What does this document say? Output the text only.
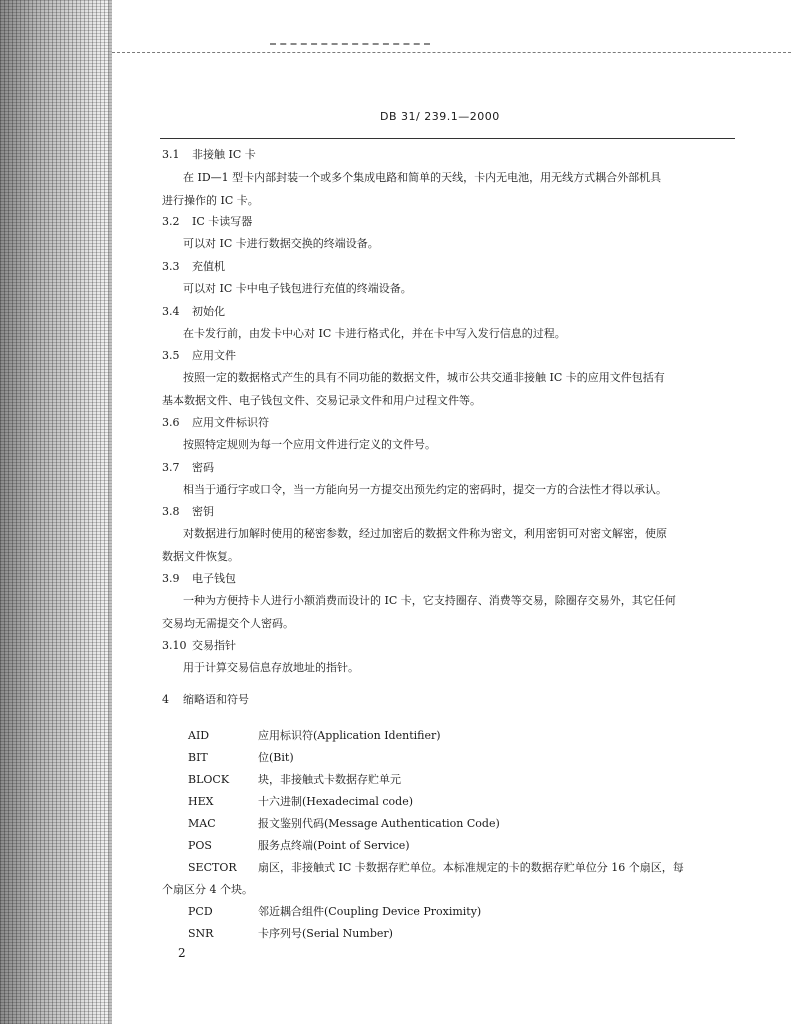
DB 31/ 239.1—2000
3.1 非接触 IC 卡
在 ID—1 型卡内部封装一个或多个集成电路和简单的天线，卡内无电池，用无线方式耦合外部机具
进行操作的 IC 卡。
3.2 IC 卡读写器
可以对 IC 卡进行数据交换的终端设备。
3.3 充值机
可以对 IC 卡中电子钱包进行充值的终端设备。
3.4 初始化
在卡发行前，由发卡中心对 IC 卡进行格式化，并在卡中写入发行信息的过程。
3.5 应用文件
按照一定的数据格式产生的具有不同功能的数据文件，城市公共交通非接触 IC 卡的应用文件包括有
基本数据文件、电子钱包文件、交易记录文件和用户过程文件等。
3.6 应用文件标识符
按照特定规则为每一个应用文件进行定义的文件号。
3.7 密码
相当于通行字或口令，当一方能向另一方提交出预先约定的密码时，提交一方的合法性才得以承认。
3.8 密钥
对数据进行加解时使用的秘密参数，经过加密后的数据文件称为密文，利用密钥可对密文解密，使原
数据文件恢复。
3.9 电子钱包
一种为方便持卡人进行小额消费而设计的 IC 卡，它支持圈存、消费等交易，除圈存交易外，其它任何
交易均无需提交个人密码。
3.10 交易指针
用于计算交易信息存放地址的指针。
4 缩略语和符号
AID	应用标识符(Application Identifier)
BIT	位(Bit)
BLOCK	块，非接触式卡数据存贮单元
HEX	十六进制(Hexadecimal code)
MAC	报文鉴别代码(Message Authentication Code)
POS	服务点终端(Point of Service)
SECTOR 扇区，非接触式 IC 卡数据存贮单位。本标准规定的卡的数据存贮单位分 16 个扇区，每
个扇区分 4 个块。
PCD	邻近耦合组件(Coupling Device Proximity)
SNR	卡序列号(Serial Number)
2
